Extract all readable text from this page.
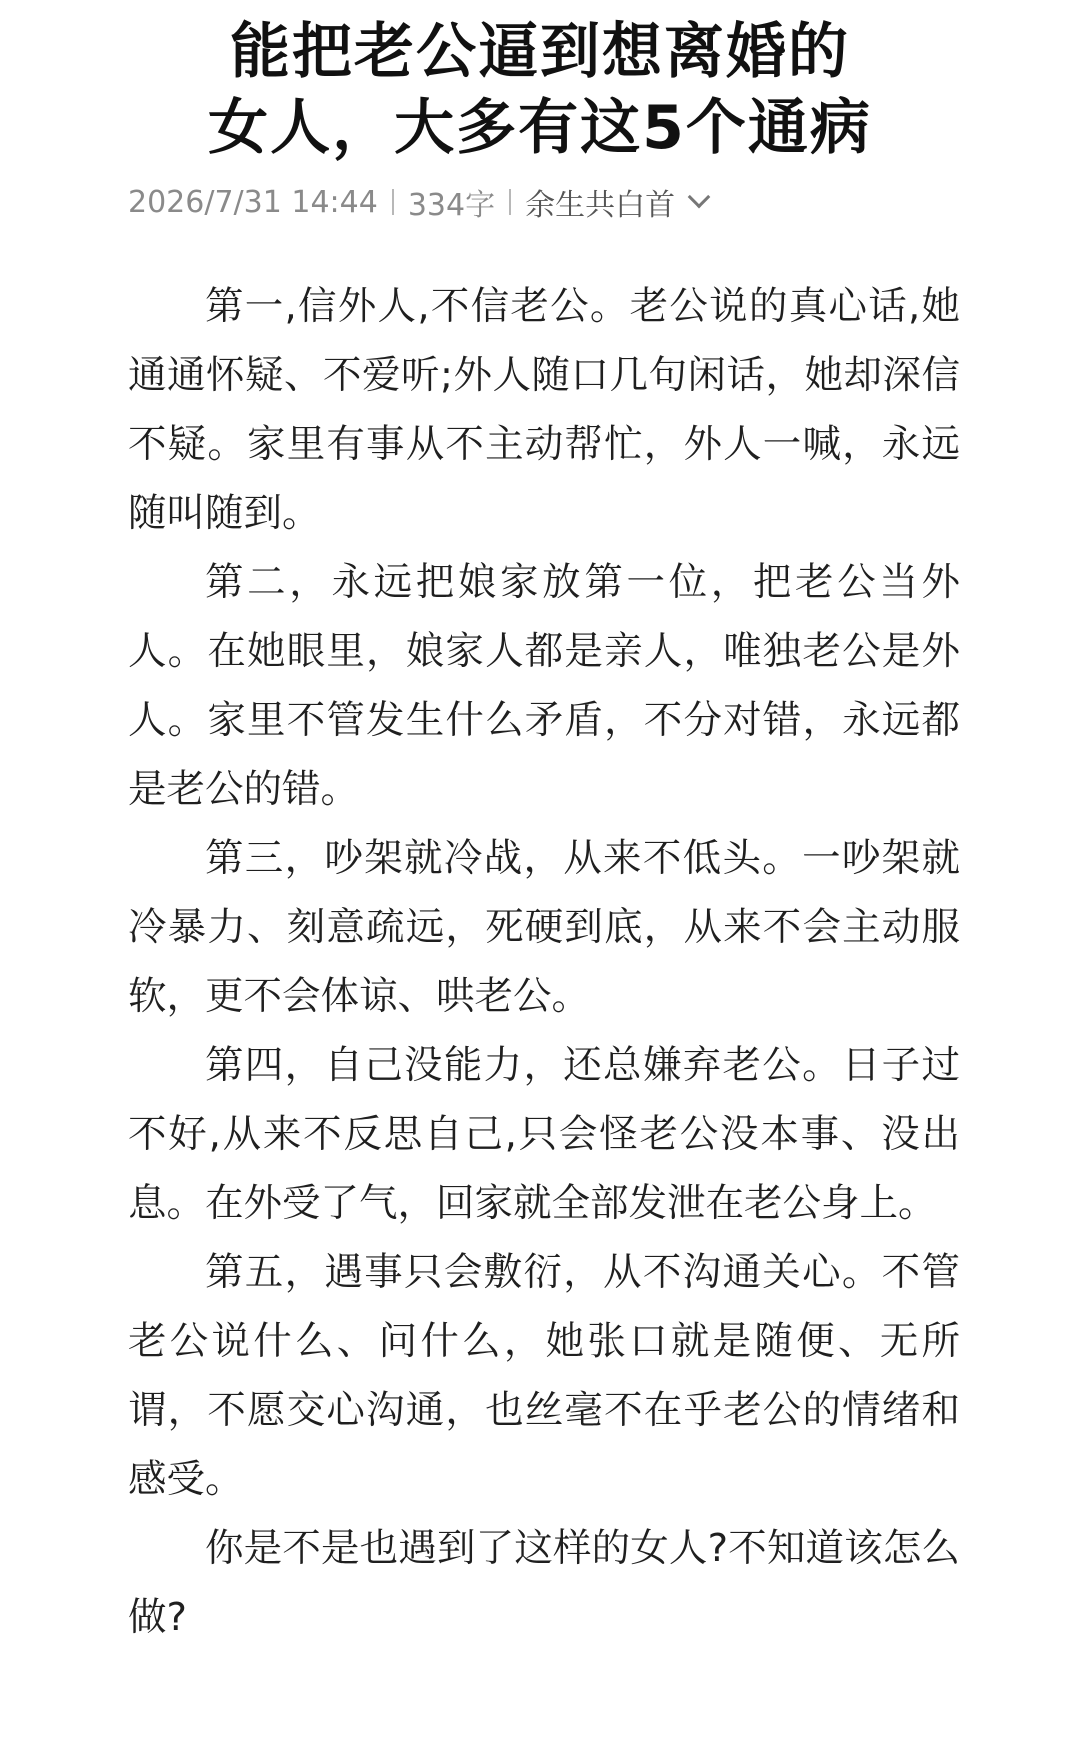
能把老公逼到想离婚的
女人，大多有这5个通病
2026/7/31 14:44 334字 余生共白首

第一,信外人,不信老公。老公说的真心话,她通通怀疑、不爱听;外人随口几句闲话，她却深信不疑。家里有事从不主动帮忙，外人一喊，永远随叫随到。

第二，永远把娘家放第一位，把老公当外人。在她眼里，娘家人都是亲人，唯独老公是外人。家里不管发生什么矛盾，不分对错，永远都是老公的错。

第三，吵架就冷战，从来不低头。一吵架就冷暴力、刻意疏远，死硬到底，从来不会主动服软，更不会体谅、哄老公。

第四，自己没能力，还总嫌弃老公。日子过不好,从来不反思自己,只会怪老公没本事、没出息。在外受了气，回家就全部发泄在老公身上。

第五，遇事只会敷衍，从不沟通关心。不管老公说什么、问什么，她张口就是随便、无所谓，不愿交心沟通，也丝毫不在乎老公的情绪和感受。

你是不是也遇到了这样的女人?不知道该怎么做?
